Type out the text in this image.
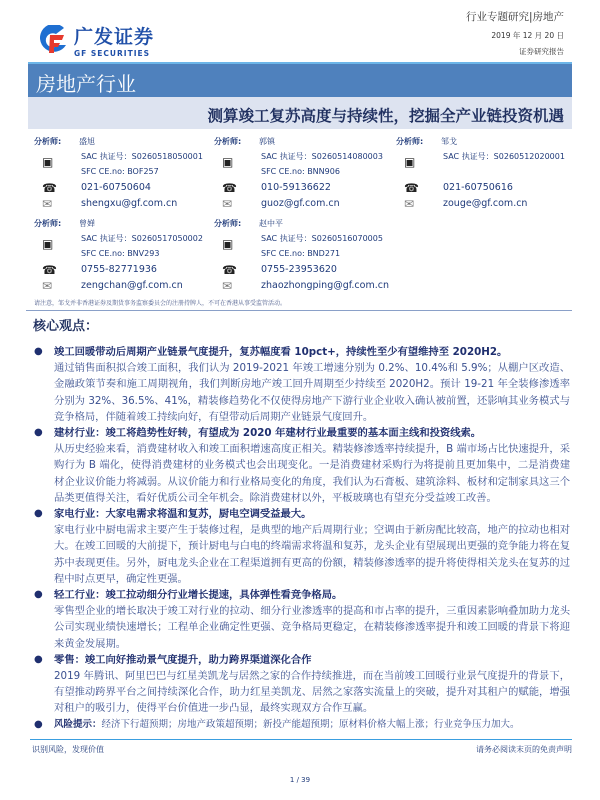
广发证券
GF SECURITIES
行业专题研究|房地产
2019 年 12 月 20 日
证券研究报告
房地产行业
测算竣工复苏高度与持续性，挖掘全产业链投资机遇
分析师: 盛旭
▣	SAC 执证号：S0260518050001
SFC CE.no: BOF257
☎	021-60750604
✉	shengxu@gf.com.cn
分析师: 郭镇
▣	SAC 执证号：S0260514080003
SFC CE.no: BNN906
☎	010-59136622
✉	guoz@gf.com.cn
分析师: 邹戈
▣	SAC 执证号：S0260512020001
☎	021-60750616
✉	zouge@gf.com.cn
分析师: 曾婵
▣	SAC 执证号：S0260517050002
SFC CE.no: BNV293
☎	0755-82771936
✉	zengchan@gf.com.cn
分析师: 赵中平
▣	SAC 执证号：S0260516070005
SFC CE.no: BND271
☎	0755-23953620
✉	zhaozhongping@gf.com.cn
请注意，邹戈并非香港证券及期货事务监察委员会的注册持牌人，不可在香港从事受监管活动。
核心观点：
● 竣工回暖带动后周期产业链景气度提升，复苏幅度看 10pct+，持续性至少有望维持至 2020H2。
通过销售面积拟合竣工面积，我们认为 2019-2021 年竣工增速分别为 0.2%、10.4%和 5.9%；从棚户区改造、金融政策节奏和施工周期视角，我们判断房地产竣工回升周期至少持续至 2020H2。预计 19-21 年全装修渗透率分别为 32%、36.5%、41%，精装修趋势化不仅使得房地产下游行业企业收入确认被前置，还影响其业务模式与竞争格局，伴随着竣工持续向好，有望带动后周期产业链景气度回升。
● 建材行业：竣工将趋势性好转，有望成为 2020 年建材行业最重要的基本面主线和投资线索。
从历史经验来看，消费建材收入和竣工面积增速高度正相关。精装修渗透率持续提升，B 端市场占比快速提升，采购行为 B 端化，使得消费建材的业务模式也会出现变化。一是消费建材采购行为将提前且更加集中，二是消费建材企业议价能力将减弱。从议价能力和行业格局变化的角度，我们认为石膏板、建筑涂料、板材和定制家具这三个品类更值得关注，看好优质公司全年机会。除消费建材以外，平板玻璃也有望充分受益竣工改善。
● 家电行业：大家电需求将温和复苏，厨电空调受益最大。
家电行业中厨电需求主要产生于装修过程，是典型的地产后周期行业；空调由于新房配比较高，地产的拉动也相对大。在竣工回暖的大前提下，预计厨电与白电的终端需求将温和复苏，龙头企业有望展现出更强的竞争能力将在复苏中表现更佳。另外，厨电龙头企业在工程渠道拥有更高的份额，精装修渗透率的提升将使得相关龙头在复苏的过程中时点更早，确定性更强。
● 轻工行业：竣工拉动细分行业增长提速，具体弹性看竞争格局。
零售型企业的增长取决于竣工对行业的拉动、细分行业渗透率的提高和市占率的提升，三重因素影响叠加助力龙头公司实现业绩快速增长；工程单企业确定性更强、竞争格局更稳定，在精装修渗透率提升和竣工回暖的背景下将迎来黄金发展期。
● 零售：竣工向好推动景气度提升，助力跨界渠道深化合作
2019 年腾讯、阿里巴巴与红星美凯龙与居然之家的合作持续推进，而在当前竣工回暖行业景气度提升的背景下，有望推动跨界平台之间持续深化合作，助力红星美凯龙、居然之家落实流量上的突破，提升对其租户的赋能，增强对租户的吸引力，使得平台价值进一步凸显，最终实现双方合作互赢。
● 风险提示：经济下行超预期；房地产政策超预期；新投产能超预期；原材料价格大幅上涨；行业竞争压力加大。
识别风险，发现价值	请务必阅读末页的免责声明
1 / 39
